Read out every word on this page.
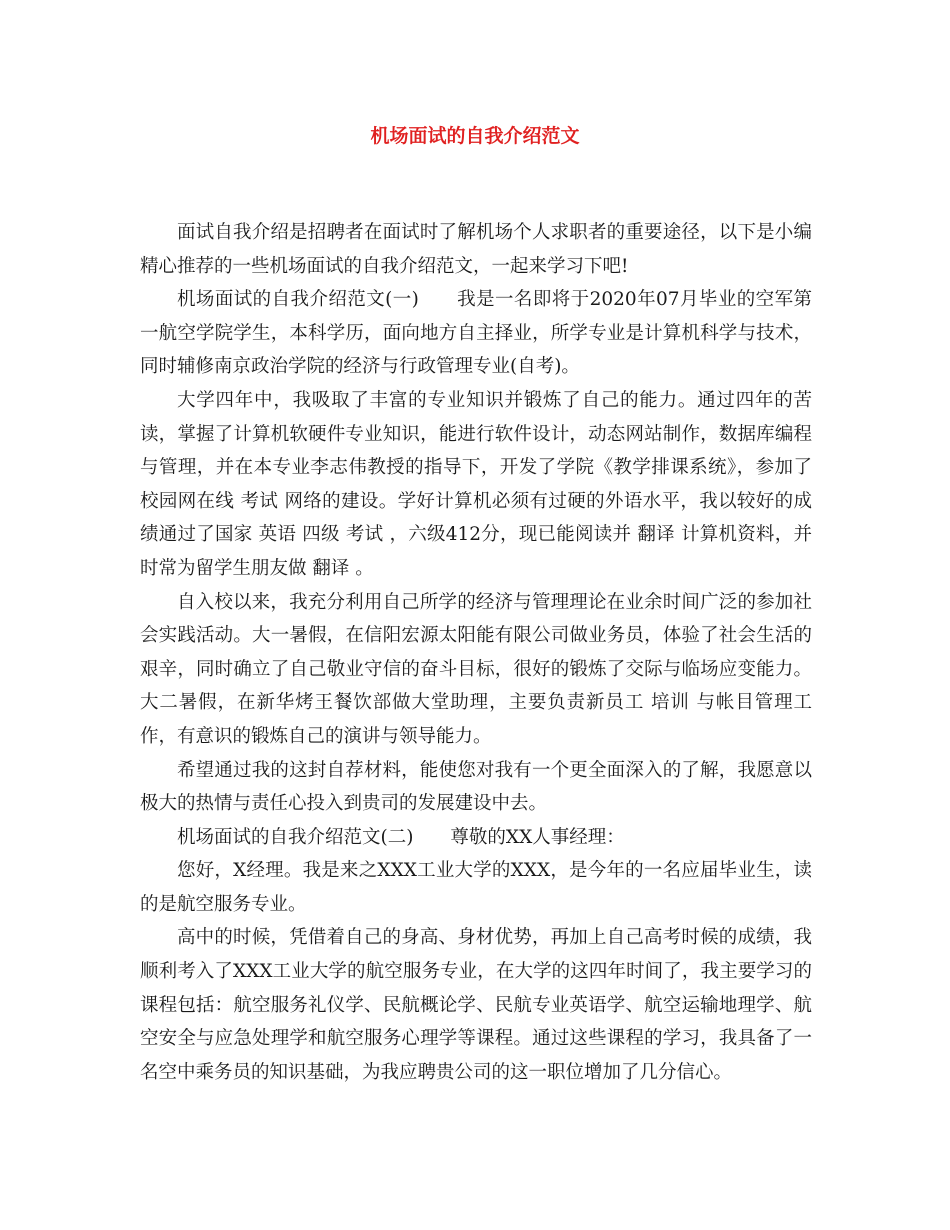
机场面试的自我介绍范文

面试自我介绍是招聘者在面试时了解机场个人求职者的重要途径，以下是小编精心推荐的一些机场面试的自我介绍范文，一起来学习下吧!

机场面试的自我介绍范文(一)　　我是一名即将于2020年07月毕业的空军第一航空学院学生，本科学历，面向地方自主择业，所学专业是计算机科学与技术，同时辅修南京政治学院的经济与行政管理专业(自考)。

大学四年中，我吸取了丰富的专业知识并锻炼了自己的能力。通过四年的苦读，掌握了计算机软硬件专业知识，能进行软件设计，动态网站制作，数据库编程与管理，并在本专业李志伟教授的指导下，开发了学院《教学排课系统》，参加了校园网在线 考试 网络的建设。学好计算机必须有过硬的外语水平，我以较好的成绩通过了国家 英语 四级 考试 ，六级412分，现已能阅读并 翻译 计算机资料，并时常为留学生朋友做 翻译 。

自入校以来，我充分利用自己所学的经济与管理理论在业余时间广泛的参加社会实践活动。大一暑假，在信阳宏源太阳能有限公司做业务员，体验了社会生活的艰辛，同时确立了自己敬业守信的奋斗目标，很好的锻炼了交际与临场应变能力。大二暑假，在新华烤王餐饮部做大堂助理，主要负责新员工 培训 与帐目管理工作，有意识的锻炼自己的演讲与领导能力。

希望通过我的这封自荐材料，能使您对我有一个更全面深入的了解，我愿意以极大的热情与责任心投入到贵司的发展建设中去。

机场面试的自我介绍范文(二)　　尊敬的XX人事经理：

您好，X经理。我是来之XXX工业大学的XXX，是今年的一名应届毕业生，读的是航空服务专业。

高中的时候，凭借着自己的身高、身材优势，再加上自己高考时候的成绩，我顺利考入了XXX工业大学的航空服务专业，在大学的这四年时间了，我主要学习的课程包括：航空服务礼仪学、民航概论学、民航专业英语学、航空运输地理学、航空安全与应急处理学和航空服务心理学等课程。通过这些课程的学习，我具备了一名空中乘务员的知识基础，为我应聘贵公司的这一职位增加了几分信心。
